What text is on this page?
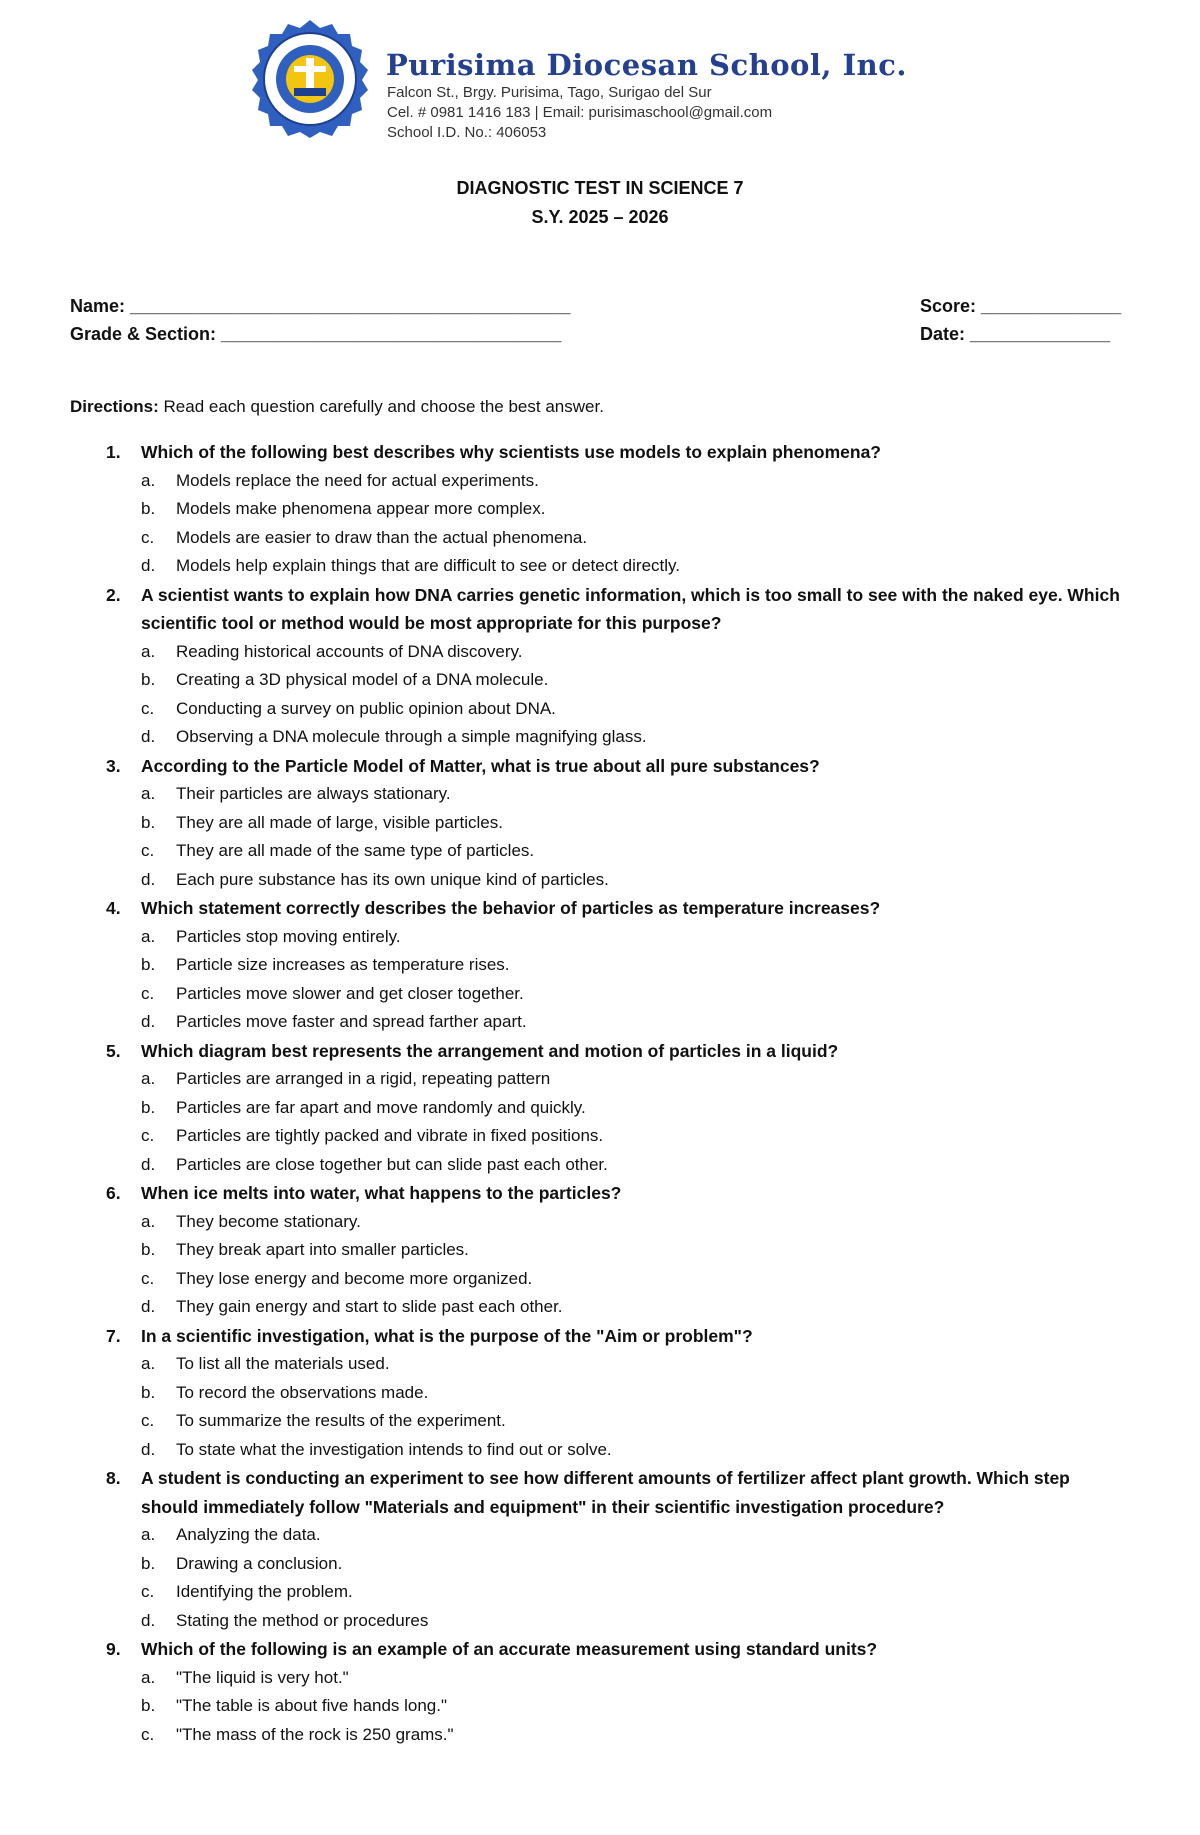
Purisima Diocesan School, Inc.
Falcon St., Brgy. Purisima, Tago, Surigao del Sur
Cel. # 0981 1416 183 | Email: purisimaschool@gmail.com
School I.D. No.: 406053
DIAGNOSTIC TEST IN SCIENCE 7
S.Y. 2025 – 2026
Name: ____________________________________________
Grade & Section: __________________________________
Score: ______________
Date: ______________
Directions: Read each question carefully and choose the best answer.
1. Which of the following best describes why scientists use models to explain phenomena?
a. Models replace the need for actual experiments.
b. Models make phenomena appear more complex.
c. Models are easier to draw than the actual phenomena.
d. Models help explain things that are difficult to see or detect directly.
2. A scientist wants to explain how DNA carries genetic information, which is too small to see with the naked eye. Which scientific tool or method would be most appropriate for this purpose?
a. Reading historical accounts of DNA discovery.
b. Creating a 3D physical model of a DNA molecule.
c. Conducting a survey on public opinion about DNA.
d. Observing a DNA molecule through a simple magnifying glass.
3. According to the Particle Model of Matter, what is true about all pure substances?
a. Their particles are always stationary.
b. They are all made of large, visible particles.
c. They are all made of the same type of particles.
d. Each pure substance has its own unique kind of particles.
4. Which statement correctly describes the behavior of particles as temperature increases?
a. Particles stop moving entirely.
b. Particle size increases as temperature rises.
c. Particles move slower and get closer together.
d. Particles move faster and spread farther apart.
5. Which diagram best represents the arrangement and motion of particles in a liquid?
a. Particles are arranged in a rigid, repeating pattern
b. Particles are far apart and move randomly and quickly.
c. Particles are tightly packed and vibrate in fixed positions.
d. Particles are close together but can slide past each other.
6. When ice melts into water, what happens to the particles?
a. They become stationary.
b. They break apart into smaller particles.
c. They lose energy and become more organized.
d. They gain energy and start to slide past each other.
7. In a scientific investigation, what is the purpose of the "Aim or problem"?
a. To list all the materials used.
b. To record the observations made.
c. To summarize the results of the experiment.
d. To state what the investigation intends to find out or solve.
8. A student is conducting an experiment to see how different amounts of fertilizer affect plant growth. Which step should immediately follow "Materials and equipment" in their scientific investigation procedure?
a. Analyzing the data.
b. Drawing a conclusion.
c. Identifying the problem.
d. Stating the method or procedures
9. Which of the following is an example of an accurate measurement using standard units?
a. "The liquid is very hot."
b. "The table is about five hands long."
c. "The mass of the rock is 250 grams."
